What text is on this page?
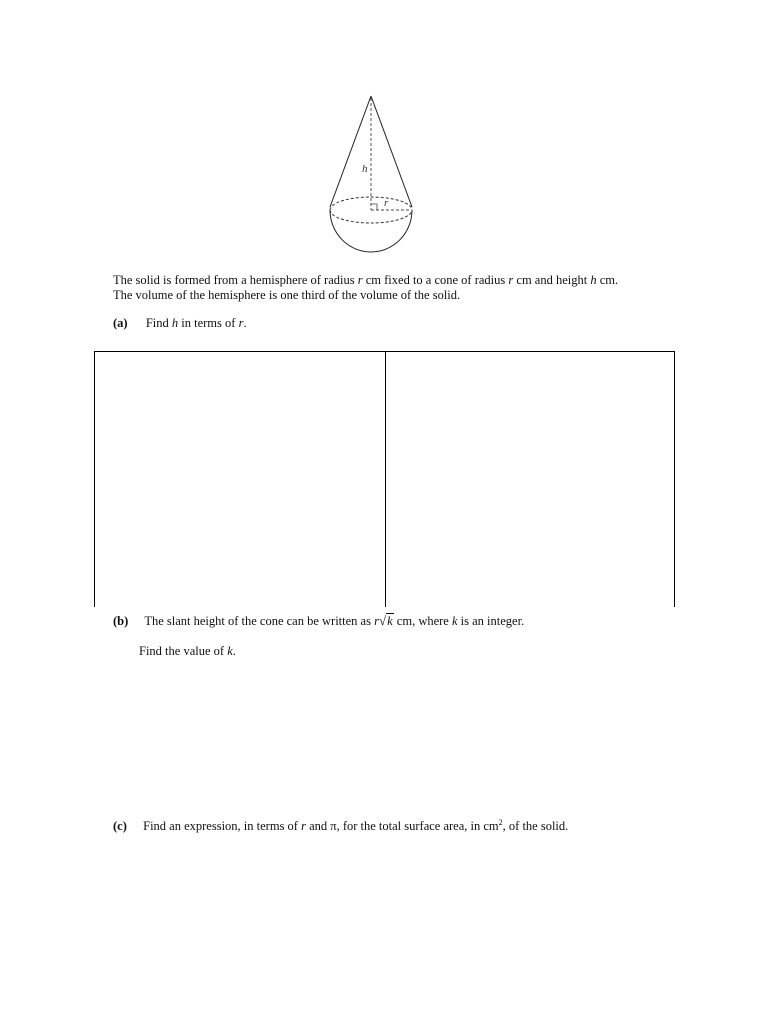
h
r
The solid is formed from a hemisphere of radius r cm fixed to a cone of radius r cm and height h cm.
The volume of the hemisphere is one third of the volume of the solid.
(a) Find h in terms of r.
(b) The slant height of the cone can be written as r√k cm, where k is an integer.
Find the value of k.
(c) Find an expression, in terms of r and π, for the total surface area, in $cm^2$, of the solid.
